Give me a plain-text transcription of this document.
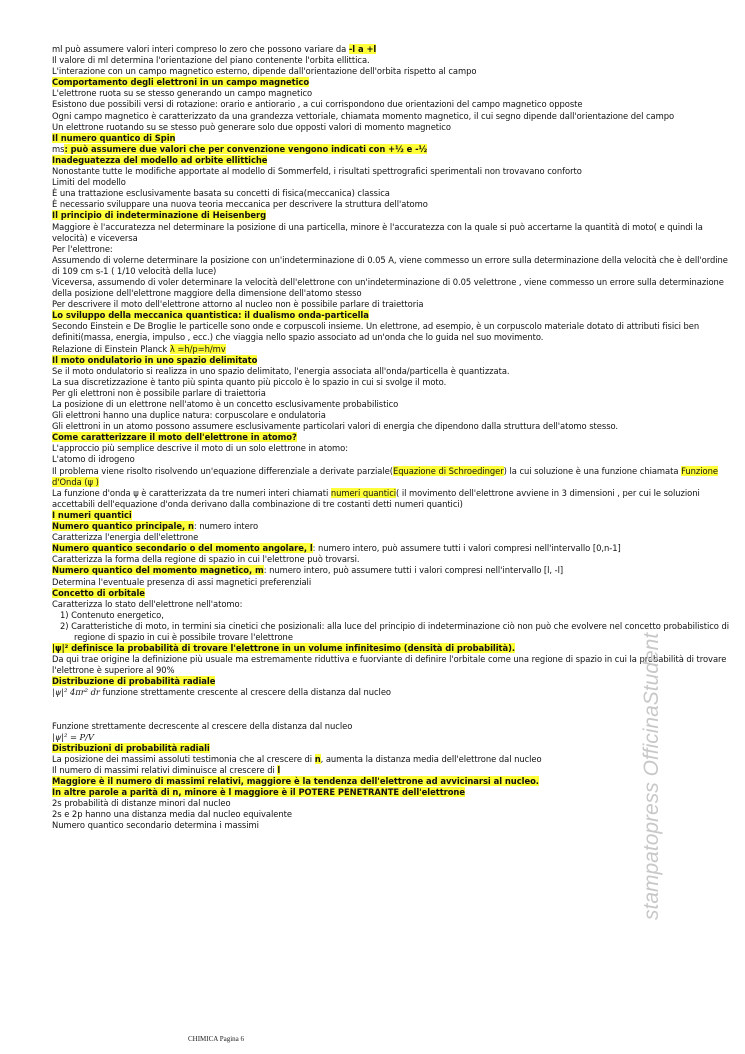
ml può assumere valori interi compreso lo zero che possono variare da -l a +l
Il valore di ml determina l'orientazione del piano contenente l'orbita ellittica.
L'interazione con un campo magnetico esterno, dipende dall'orientazione dell'orbita rispetto al campo
Comportamento degli elettroni in un campo magnetico
L'elettrone ruota su se stesso generando un campo magnetico
Esistono due possibili versi di rotazione: orario e antiorario , a cui corrispondono due orientazioni del campo magnetico opposte
Ogni campo magnetico è caratterizzato da una grandezza vettoriale, chiamata momento magnetico, il cui segno dipende dall'orientazione del campo
Un elettrone ruotando su se stesso può generare solo due opposti valori di momento magnetico
Il numero quantico di Spin
ms: può assumere due valori che per convenzione vengono indicati con +½ e -½
Inadeguatezza del modello ad orbite ellittiche
Nonostante tutte le modifiche apportate al modello di Sommerfeld, i risultati spettrografici sperimentali non trovavano conforto
Limiti del modello
È una trattazione esclusivamente basata su concetti di fisica(meccanica) classica
È necessario sviluppare una nuova teoria meccanica per descrivere la struttura dell'atomo
Il principio di indeterminazione di Heisenberg
Maggiore è l'accuratezza nel determinare la posizione di una particella, minore è l'accuratezza con la quale si può accertarne la quantità di moto( e quindi la velocità) e viceversa
Per l'elettrone:
Assumendo di volerne determinare la posizione con un'indeterminazione di 0.05 A, viene commesso un errore sulla determinazione della velocità che è dell'ordine di 109 cm s-1 ( 1/10 velocità della luce)
Viceversa, assumendo di voler determinare la velocità dell'elettrone con un'indeterminazione di 0.05 velettrone , viene commesso un errore sulla determinazione della posizione dell'elettrone maggiore della dimensione dell'atomo stesso
Per descrivere il moto dell'elettrone attorno al nucleo non è possibile parlare di traiettoria
Lo sviluppo della meccanica quantistica: il dualismo onda-particella
Secondo Einstein e De Broglie le particelle sono onde e corpuscoli insieme. Un elettrone, ad esempio, è un corpuscolo materiale dotato di attributi fisici ben definiti(massa, energia, impulso , ecc.) che viaggia nello spazio associato ad un'onda che lo guida nel suo movimento.
Relazione di Einstein Planck λ =h/p=h/mv
Il moto ondulatorio in uno spazio delimitato
Se il moto ondulatorio si realizza in uno spazio delimitato, l'energia associata all'onda/particella è quantizzata.
La sua discretizzazione è tanto più spinta quanto più piccolo è lo spazio in cui si svolge il moto.
Per gli elettroni non è possibile parlare di traiettoria
La posizione di un elettrone nell'atomo è un concetto esclusivamente probabilistico
Gli elettroni hanno una duplice natura: corpuscolare e ondulatoria
Gli elettroni in un atomo possono assumere esclusivamente particolari valori di energia che dipendono dalla struttura dell'atomo stesso.
Come caratterizzare il moto dell'elettrone in atomo?
L'approccio più semplice descrive il moto di un solo elettrone in atomo:
L'atomo di idrogeno
Il problema viene risolto risolvendo un'equazione differenziale a derivate parziale(Equazione di Schroedinger) la cui soluzione è una funzione chiamata Funzione d'Onda (ψ )
La funzione d'onda ψ è caratterizzata da tre numeri interi chiamati numeri quantici( il movimento dell'elettrone avviene in 3 dimensioni , per cui le soluzioni accettabili dell'equazione d'onda derivano dalla combinazione di tre costanti detti numeri quantici)
I numeri quantici
Numero quantico principale, n: numero intero
Caratterizza l'energia dell'elettrone
Numero quantico secondario o del momento angolare, l: numero intero, può assumere tutti i valori compresi nell'intervallo [0,n-1]
Caratterizza la forma della regione di spazio in cui l'elettrone può trovarsi.
Numero quantico del momento magnetico, m: numero intero, può assumere tutti i valori compresi nell'intervallo [l, -l]
Determina l'eventuale presenza di assi magnetici preferenziali
Concetto di orbitale
Caratterizza lo stato dell'elettrone nell'atomo:
1) Contenuto energetico,
2) Caratteristiche di moto, in termini sia cinetici che posizionali: alla luce del principio di indeterminazione ciò non può che evolvere nel concetto probabilistico di regione di spazio in cui è possibile trovare l'elettrone
|ψ|² definisce la probabilità di trovare l'elettrone in un volume infinitesimo (densità di probabilità).
Da qui trae origine la definizione più usuale ma estremamente riduttiva e fuorviante di definire l'orbitale come una regione di spazio in cui la probabilità di trovare l'elettrone è superiore al 90%
Distribuzione di probabilità radiale
|ψ|² 4πr² dr funzione strettamente crescente al crescere della distanza dal nucleo
Funzione strettamente decrescente al crescere della distanza dal nucleo
|ψ|² = P/V
Distribuzioni di probabilità radiali
La posizione dei massimi assoluti testimonia che al crescere di n, aumenta la distanza media dell'elettrone dal nucleo
Il numero di massimi relativi diminuisce al crescere di l
Maggiore è il numero di massimi relativi, maggiore è la tendenza dell'elettrone ad avvicinarsi al nucleo.
In altre parole a parità di n, minore è l maggiore è il POTERE PENETRANTE dell'elettrone
2s probabilità di distanze minori dal nucleo
2s e 2p hanno una distanza media dal nucleo equivalente
Numero quantico secondario determina i massimi	stampatopress OfficinaStudent
CHIMICA Pagina 6
